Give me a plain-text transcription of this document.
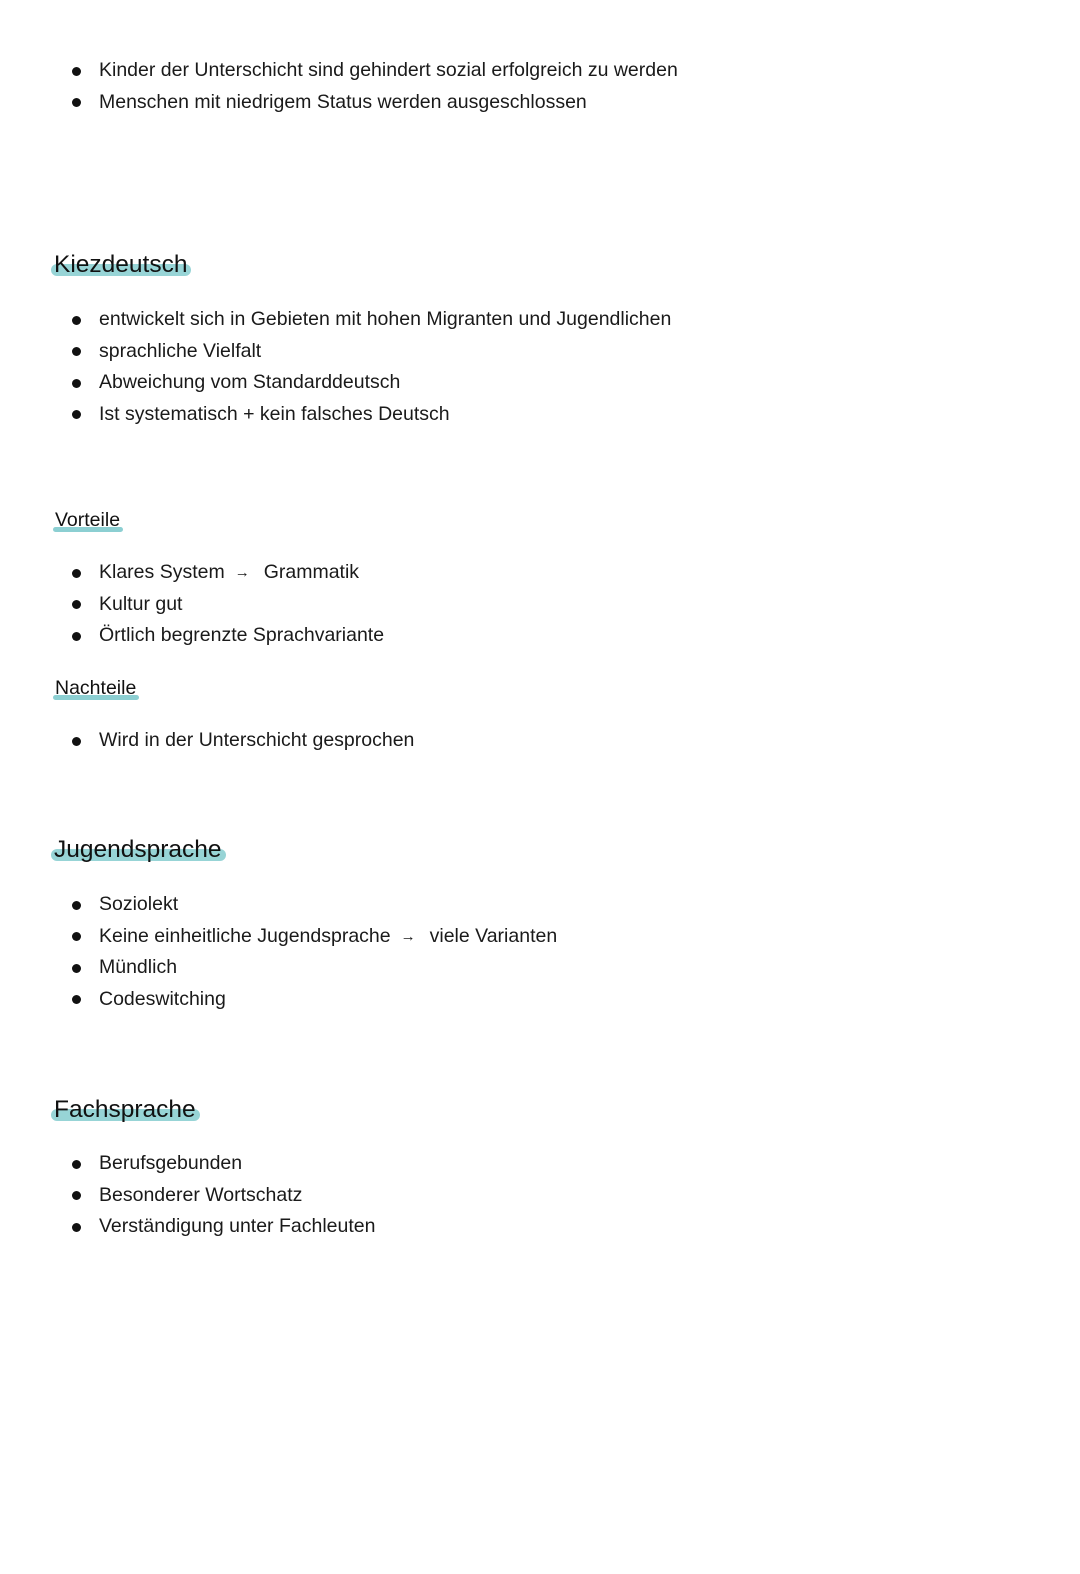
Kinder der Unterschicht sind gehindert sozial erfolgreich zu werden
Menschen mit niedrigem Status werden ausgeschlossen
Kiezdeutsch
entwickelt sich in Gebieten mit hohen Migranten und Jugendlichen
sprachliche Vielfalt
Abweichung vom Standarddeutsch
Ist systematisch + kein falsches Deutsch
Vorteile
Klares System → Grammatik
Kultur gut
Örtlich begrenzte Sprachvariante
Nachteile
Wird in der Unterschicht gesprochen
Jugendsprache
Soziolekt
Keine einheitliche Jugendsprache → viele Varianten
Mündlich
Codeswitching
Fachsprache
Berufsgebunden
Besonderer Wortschatz
Verständigung unter Fachleuten
